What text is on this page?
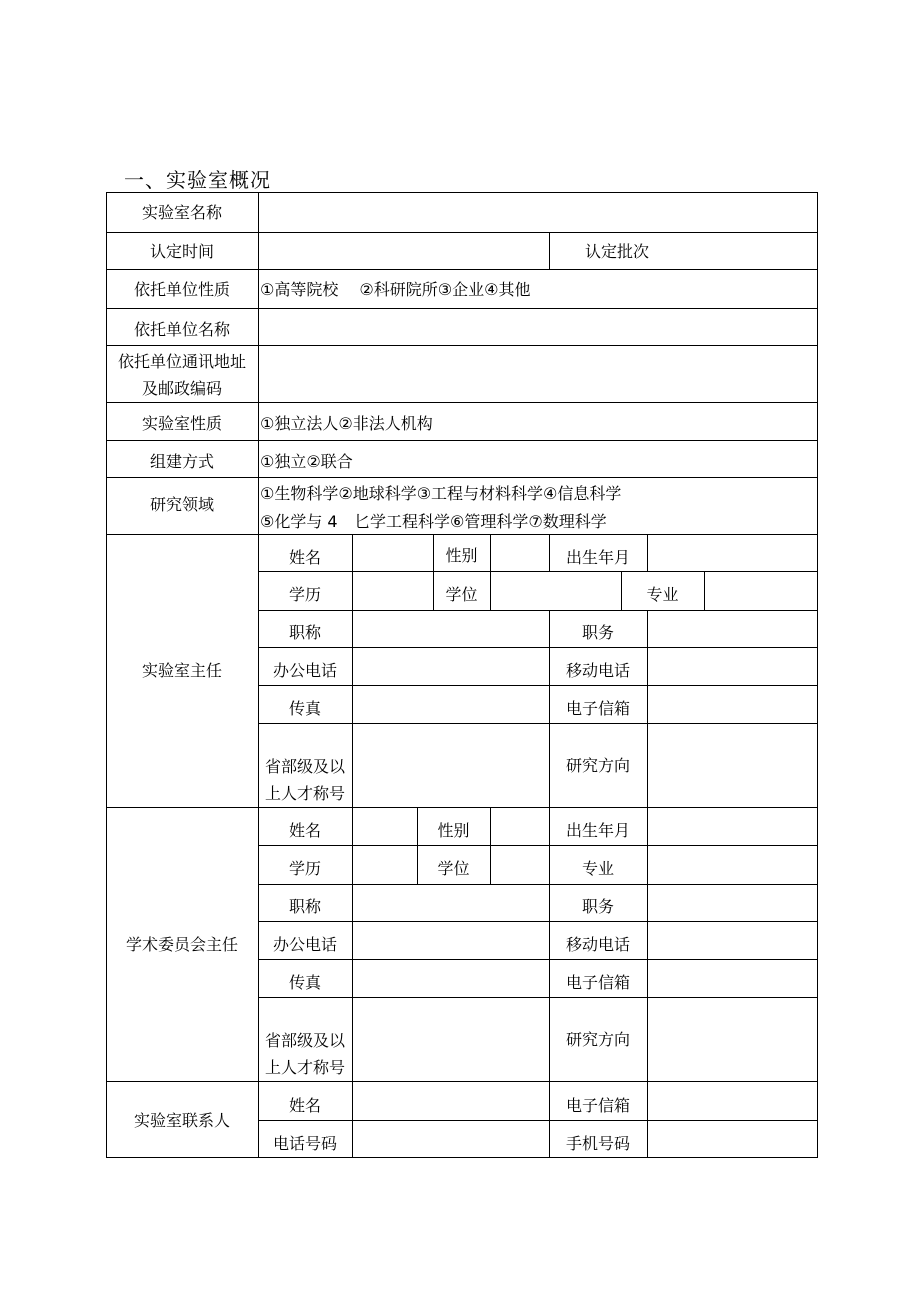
一、实验室概况
实验室名称
认定时间	认定批次
依托单位性质	①高等院校　 ②科研院所③企业④其他
依托单位名称
依托单位通讯地址
及邮政编码
实验室性质	①独立法人②非法人机构
组建方式	①独立②联合
研究领域
①生物科学②地球科学③工程与材料科学④信息科学
⑤化学与 4 匕学工程科学⑥管理科学⑦数理科学
实验室主任
姓名	性别	出生年月
学历	学位	专业
职称	职务
办公电话	移动电话
传真	电子信箱
省部级及以
上人才称号
研究方向
学术委员会主任
姓名	性别	出生年月
学历	学位	专业
职称	职务
办公电话	移动电话
传真	电子信箱
省部级及以
上人才称号
研究方向
实验室联系人
姓名	电子信箱
电话号码	手机号码
